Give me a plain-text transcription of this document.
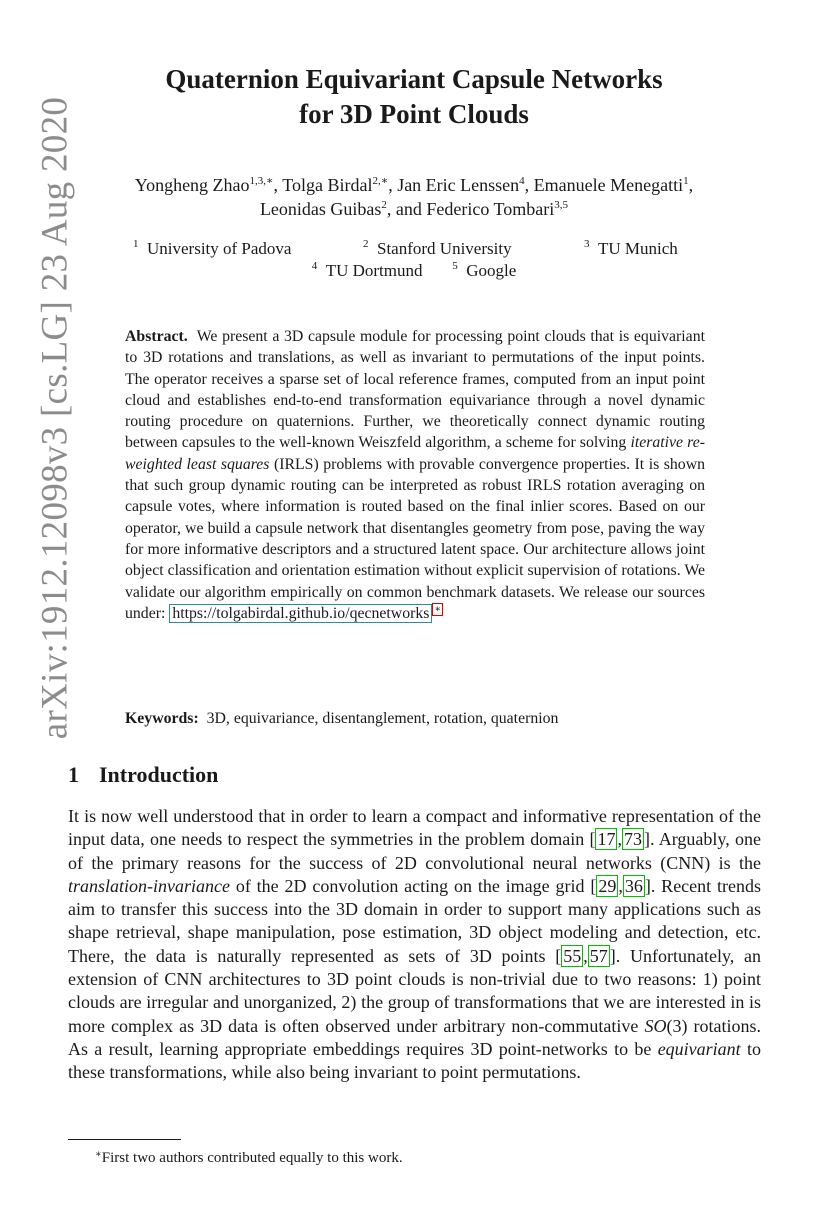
arXiv:1912.12098v3 [cs.LG] 23 Aug 2020
Quaternion Equivariant Capsule Networks
for 3D Point Clouds
Yongheng Zhao$^{1,3,∗}$, Tolga Birdal$^{2,∗}$, Jan Eric Lenssen$^4$, Emanuele Menegatti$^1$,
Leonidas Guibas$^2$, and Federico Tombari$^{3,5}$
$^1$ University of Padova	$^2$ Stanford University	$^3$ TU Munich
$^4$ TU Dortmund	$^5$ Google

Abstract. We present a 3D capsule module for processing point clouds that is equivariant to 3D rotations and translations, as well as invariant to permutations of the input points. The operator receives a sparse set of local reference frames, computed from an input point cloud and establishes end-to-end transformation equivariance through a novel dynamic routing procedure on quaternions. Further, we theoretically connect dynamic routing between capsules to the well-known Weiszfeld algorithm, a scheme for solving iterative re-weighted least squares (IRLS) problems with provable convergence properties. It is shown that such group dynamic routing can be interpreted as robust IRLS rotation averaging on capsule votes, where information is routed based on the final inlier scores. Based on our operator, we build a capsule network that disentangles geometry from pose, paving the way for more informative descriptors and a structured latent space. Our architecture allows joint object classification and orientation estimation without explicit supervision of rotations. We validate our algorithm empirically on common benchmark datasets. We release our sources under: https://tolgabirdal.github.io/qecnetworks ∗

Keywords: 3D, equivariance, disentanglement, rotation, quaternion
1 Introduction

It is now well understood that in order to learn a compact and informative representation of the input data, one needs to respect the symmetries in the problem domain [ 17 , 73 ]. Arguably, one of the primary reasons for the success of 2D convolutional neural networks (CNN) is the translation-invariance of the 2D convolution acting on the image grid [ 29 , 36 ]. Recent trends aim to transfer this success into the 3D domain in order to support many applications such as shape retrieval, shape manipulation, pose estimation, 3D object modeling and detection, etc. There, the data is naturally represented as sets of 3D points [ 55 , 57 ]. Unfortunately, an extension of CNN architectures to 3D point clouds is non-trivial due to two reasons: 1) point clouds are irregular and unorganized, 2) the group of transformations that we are interested in is more complex as 3D data is often observed under arbitrary non-commutative SO(3) rotations. As a result, learning appropriate embeddings requires 3D point-networks to be equivariant to these transformations, while also being invariant to point permutations.

∗First two authors contributed equally to this work.
